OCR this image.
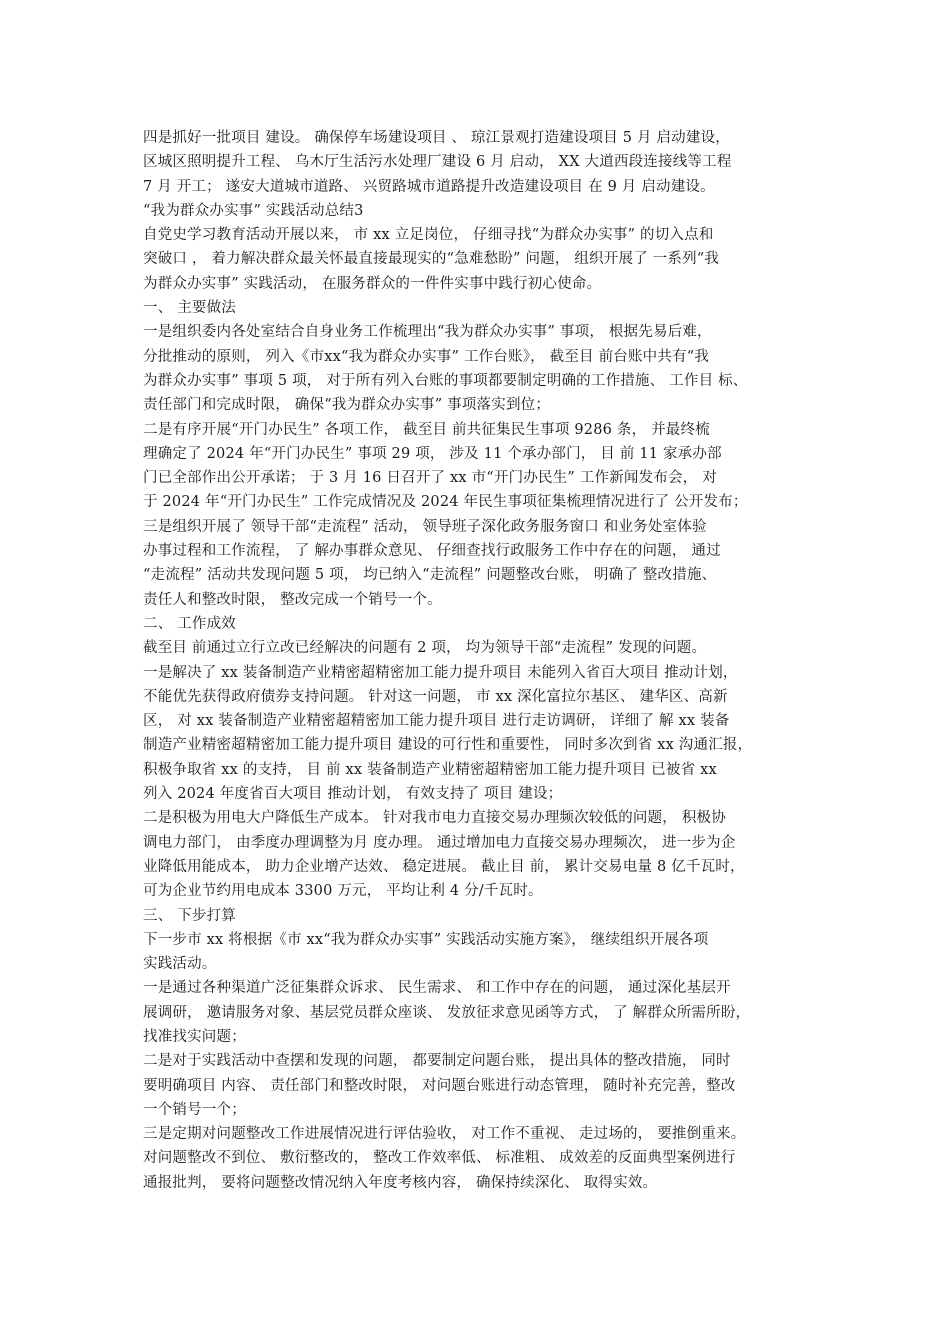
四是抓好一批项目 建设。 确保停车场建设项目 、 琼江景观打造建设项目 5 月 启动建设，
区城区照明提升工程、 乌木厅生活污水处理厂建设 6 月 启动， XX 大道西段连接线等工程
7 月 开工； 遂安大道城市道路、 兴贸路城市道路提升改造建设项目 在 9 月 启动建设。
“我为群众办实事” 实践活动总结3
自党史学习教育活动开展以来， 市 xx 立足岗位， 仔细寻找“为群众办实事” 的切入点和
突破口 ， 着力解决群众最关怀最直接最现实的“急难愁盼” 问题， 组织开展了 一系列“我
为群众办实事” 实践活动， 在服务群众的一件件实事中践行初心使命。
一、 主要做法
一是组织委内各处室结合自身业务工作梳理出“我为群众办实事” 事项， 根据先易后难，
分批推动的原则， 列入《市xx“我为群众办实事” 工作台账》， 截至目 前台账中共有“我
为群众办实事” 事项 5 项， 对于所有列入台账的事项都要制定明确的工作措施、 工作目 标、
责任部门和完成时限， 确保“我为群众办实事” 事项落实到位；
二是有序开展“开门办民生” 各项工作， 截至目 前共征集民生事项 9286 条， 并最终梳
理确定了 2024 年“开门办民生” 事项 29 项， 涉及 11 个承办部门， 目 前 11 家承办部
门已全部作出公开承诺； 于 3 月 16 日召开了 xx 市“开门办民生” 工作新闻发布会， 对
于 2024 年“开门办民生” 工作完成情况及 2024 年民生事项征集梳理情况进行了 公开发布；
三是组织开展了 领导干部“走流程” 活动， 领导班子深化政务服务窗口 和业务处室体验
办事过程和工作流程， 了 解办事群众意见、 仔细查找行政服务工作中存在的问题， 通过
“走流程” 活动共发现问题 5 项， 均已纳入“走流程” 问题整改台账， 明确了 整改措施、
责任人和整改时限， 整改完成一个销号一个。
二、 工作成效
截至目 前通过立行立改已经解决的问题有 2 项， 均为领导干部“走流程” 发现的问题。
一是解决了 xx 装备制造产业精密超精密加工能力提升项目 未能列入省百大项目 推动计划，
不能优先获得政府债券支持问题。 针对这一问题， 市 xx 深化富拉尔基区、 建华区、高新
区， 对 xx 装备制造产业精密超精密加工能力提升项目 进行走访调研， 详细了 解 xx 装备
制造产业精密超精密加工能力提升项目 建设的可行性和重要性， 同时多次到省 xx 沟通汇报，
积极争取省 xx 的支持， 目 前 xx 装备制造产业精密超精密加工能力提升项目 已被省 xx
列入 2024 年度省百大项目 推动计划， 有效支持了 项目 建设；
二是积极为用电大户降低生产成本。 针对我市电力直接交易办理频次较低的问题， 积极协
调电力部门， 由季度办理调整为月 度办理。 通过增加电力直接交易办理频次， 进一步为企
业降低用能成本， 助力企业增产达效、 稳定进展。 截止目 前， 累计交易电量 8 亿千瓦时，
可为企业节约用电成本 3300 万元， 平均让利 4 分/千瓦时。
三、 下步打算
下一步市 xx 将根据《市 xx“我为群众办实事” 实践活动实施方案》， 继续组织开展各项
实践活动。
一是通过各种渠道广泛征集群众诉求、 民生需求、 和工作中存在的问题， 通过深化基层开
展调研， 邀请服务对象、基层党员群众座谈、 发放征求意见函等方式， 了 解群众所需所盼，
找准找实问题；
二是对于实践活动中查摆和发现的问题， 都要制定问题台账， 提出具体的整改措施， 同时
要明确项目 内容、 责任部门和整改时限， 对问题台账进行动态管理， 随时补充完善，整改
一个销号一个；
三是定期对问题整改工作进展情况进行评估验收， 对工作不重视、 走过场的， 要推倒重来。
对问题整改不到位、 敷衍整改的， 整改工作效率低、 标准粗、 成效差的反面典型案例进行
通报批判， 要将问题整改情况纳入年度考核内容， 确保持续深化、 取得实效。
